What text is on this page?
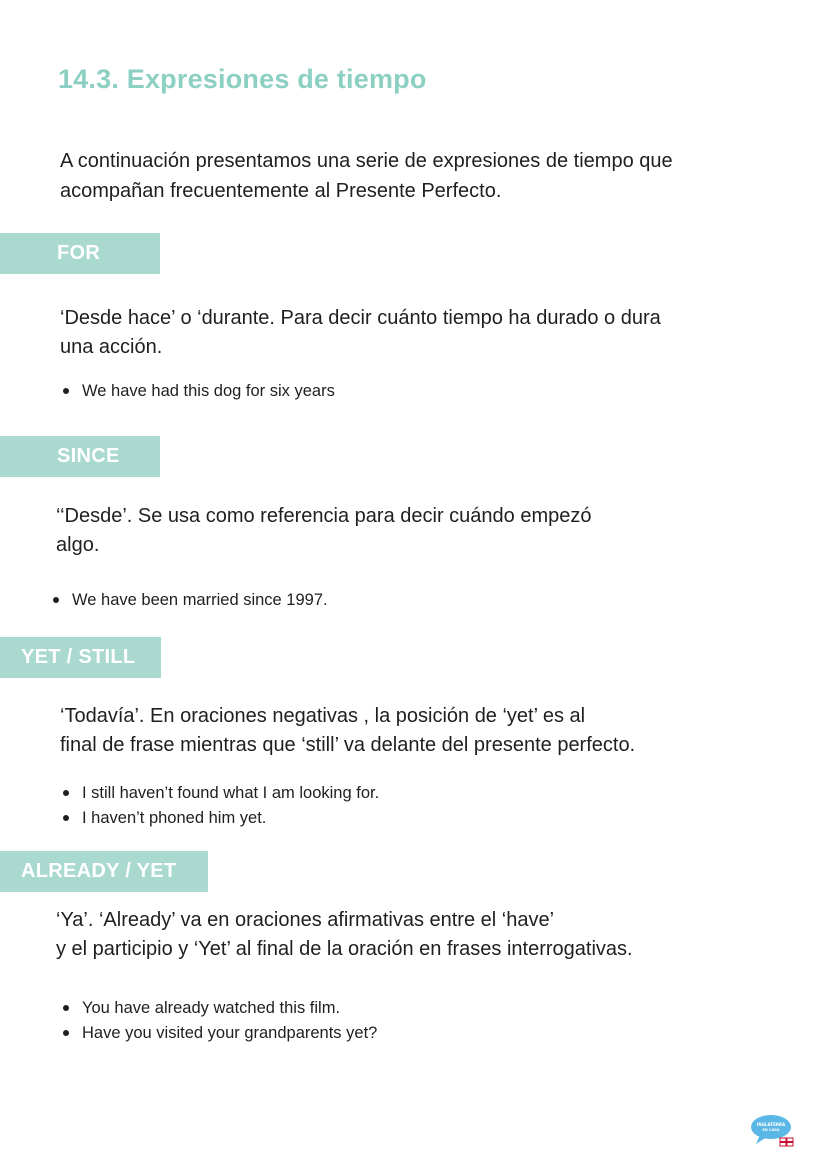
14.3. Expresiones de tiempo

A continuación presentamos una serie de expresiones de tiempo que
acompañan frecuentemente al Presente Perfecto.

FOR

‘Desde hace’ o ‘durante. Para decir cuánto tiempo ha durado o dura
una acción.

We have had this dog for six years
SINCE

‘‘Desde’. Se usa como referencia para decir cuándo empezó
algo.

We have been married since 1997.
YET / STILL

‘Todavía’. En oraciones negativas , la posición de ‘yet’ es al
final de frase mientras que ‘still’ va delante del presente perfecto.

I still haven’t found what I am looking for.
I haven’t phoned him yet.
ALREADY / YET

‘Ya’. ‘Already’ va en oraciones afirmativas entre el ‘have’
y el participio y ‘Yet’ al final de la oración en frases interrogativas.

You have already watched this film.
Have you visited your grandparents yet?
INGLATERRA
EN CASA
